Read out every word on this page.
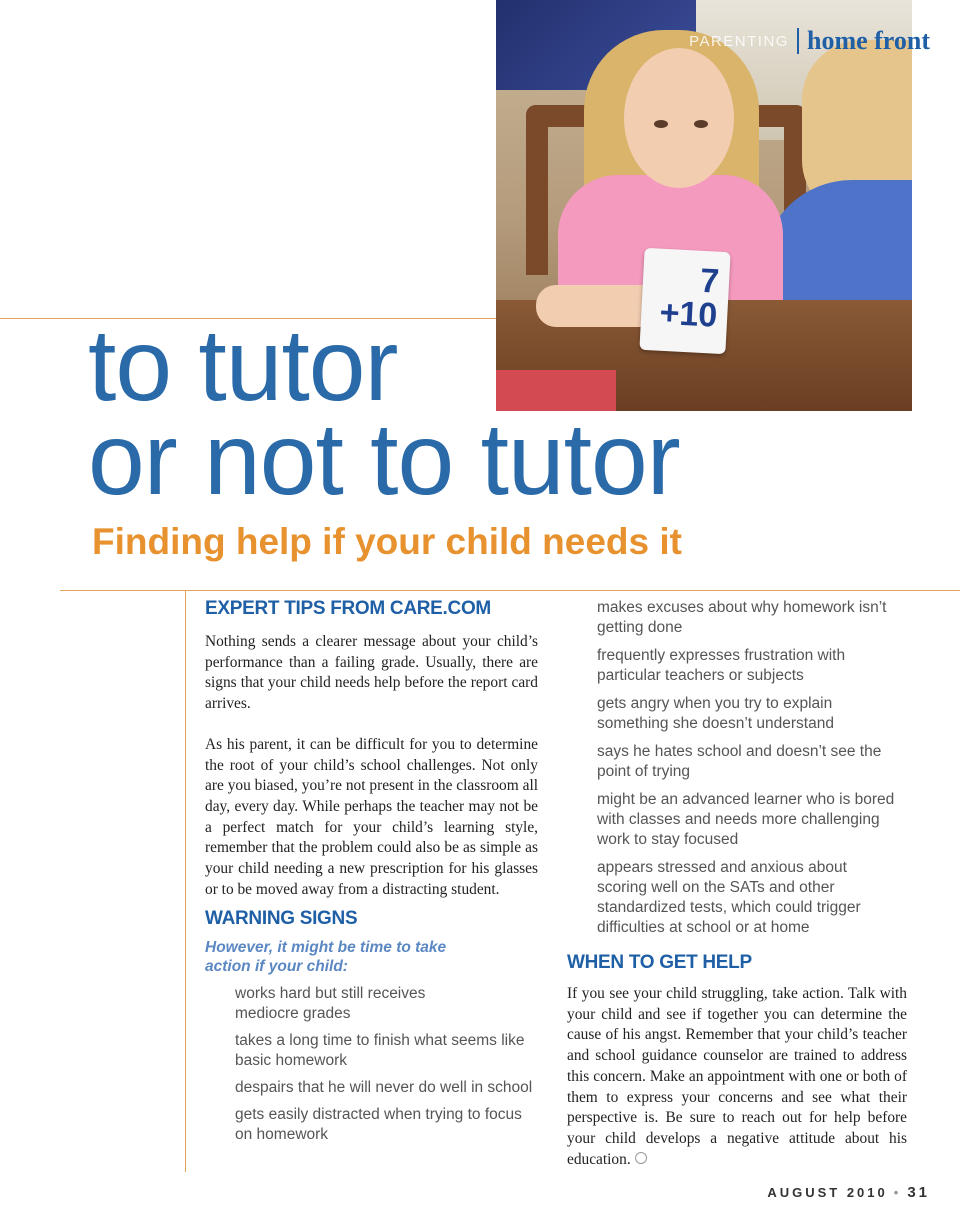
7
+10
PARENTING home front
to tutor
or not to tutor
Finding help if your child needs it
EXPERT TIPS FROM CARE.COM

Nothing sends a clearer message about your child’s performance than a failing grade. Usually, there are signs that your child needs help before the report card arrives.

As his parent, it can be difficult for you to determine the root of your child’s school challenges. Not only are you biased, you’re not present in the classroom all day, every day. While perhaps the teacher may not be a perfect match for your child’s learning style, remember that the problem could also be as simple as your child needing a new prescription for his glasses or to be moved away from a distracting student.

WARNING SIGNS
However, it might be time to take action if your child:
works hard but still receives mediocre grades
takes a long time to finish what seems like basic homework
despairs that he will never do well in school
gets easily distracted when trying to focus on homework
makes excuses about why homework isn’t getting done
frequently expresses frustration with particular teachers or subjects
gets angry when you try to explain something she doesn’t understand
says he hates school and doesn’t see the point of trying
might be an advanced learner who is bored with classes and needs more challenging work to stay focused
appears stressed and anxious about scoring well on the SATs and other standardized tests, which could trigger difficulties at school or at home
WHEN TO GET HELP

If you see your child struggling, take action. Talk with your child and see if together you can determine the cause of his angst. Remember that your child’s teacher and school guidance counselor are trained to address this concern. Make an appointment with one or both of them to express your concerns and see what their perspective is. Be sure to reach out for help before your child develops a negative attitude about his education.

AUGUST 2010 • 31
